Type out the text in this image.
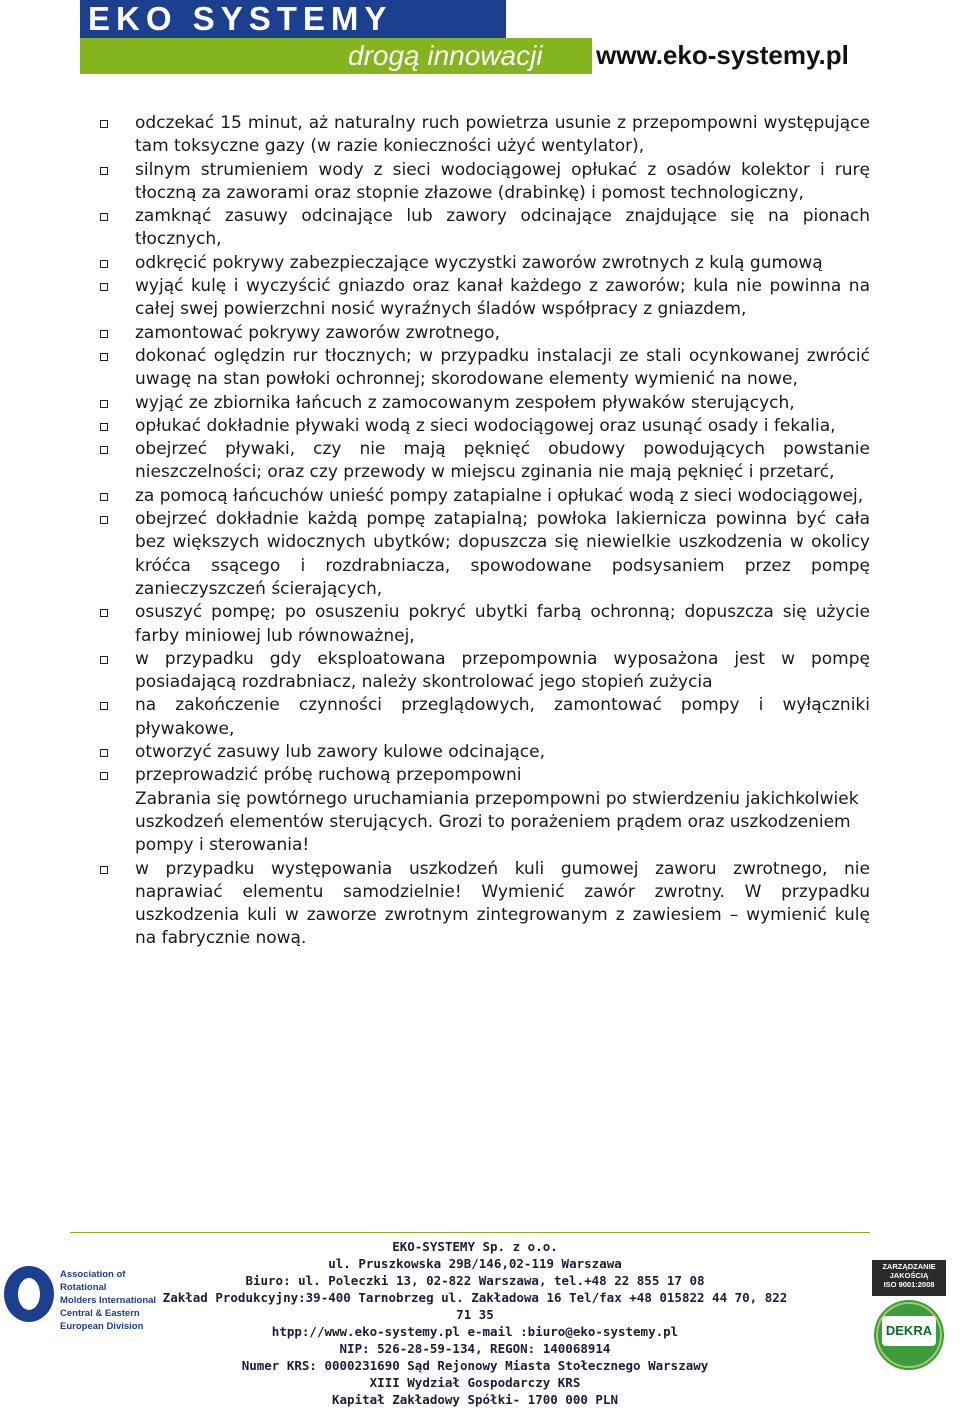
EKO SYSTEMY
drogą innowacji	www.eko-systemy.pl
odczekać 15 minut, aż naturalny ruch powietrza usunie z przepompowni występujące tam toksyczne gazy (w razie konieczności użyć wentylator),
silnym strumieniem wody z sieci wodociągowej opłukać z osadów kolektor i rurę tłoczną za zaworami oraz stopnie złazowe (drabinkę) i pomost technologiczny,
zamknąć zasuwy odcinające lub zawory odcinające znajdujące się na pionach tłocznych,
odkręcić pokrywy zabezpieczające wyczystki zaworów zwrotnych z kulą gumową
wyjąć kulę i wyczyścić gniazdo oraz kanał każdego z zaworów; kula nie powinna na całej swej powierzchni nosić wyraźnych śladów współpracy z gniazdem,
zamontować pokrywy zaworów zwrotnego,
dokonać oględzin rur tłocznych; w przypadku instalacji ze stali ocynkowanej zwrócić uwagę na stan powłoki ochronnej; skorodowane elementy wymienić na nowe,
wyjąć ze zbiornika łańcuch z zamocowanym zespołem pływaków sterujących,
opłukać dokładnie pływaki wodą z sieci wodociągowej oraz usunąć osady i fekalia,
obejrzeć pływaki, czy nie mają pęknięć obudowy powodujących powstanie nieszczelności; oraz czy przewody w miejscu zginania nie mają pęknięć i przetarć,
za pomocą łańcuchów unieść pompy zatapialne i opłukać wodą z sieci wodociągowej,
obejrzeć dokładnie każdą pompę zatapialną; powłoka lakiernicza powinna być cała bez większych widocznych ubytków; dopuszcza się niewielkie uszkodzenia w okolicy króćca ssącego i rozdrabniacza, spowodowane podsysaniem przez pompę zanieczyszczeń ścierających,
osuszyć pompę; po osuszeniu pokryć ubytki farbą ochronną; dopuszcza się użycie farby miniowej lub równoważnej,
w przypadku gdy eksploatowana przepompownia wyposażona jest w pompę posiadającą rozdrabniacz, należy skontrolować jego stopień zużycia
na zakończenie czynności przeglądowych, zamontować pompy i wyłączniki pływakowe,
otworzyć zasuwy lub zawory kulowe odcinające,
przeprowadzić próbę ruchową przepompowni
Zabrania się powtórnego uruchamiania przepompowni po stwierdzeniu jakichkolwiek uszkodzeń elementów sterujących. Grozi to porażeniem prądem oraz uszkodzeniem pompy i sterowania!
w przypadku występowania uszkodzeń kuli gumowej zaworu zwrotnego, nie naprawiać elementu samodzielnie! Wymienić zawór zwrotny. W przypadku uszkodzenia kuli w zaworze zwrotnym zintegrowanym z zawiesiem – wymienić kulę na fabrycznie nową.
Association of Rotational
Molders International
Central & Eastern
European Division
EKO-SYSTEMY Sp. z o.o.
ul. Pruszkowska 29B/146,02-119 Warszawa
Biuro: ul. Poleczki 13, 02-822 Warszawa, tel.+48 22 855 17 08
Zakład Produkcyjny:39-400 Tarnobrzeg ul. Zakładowa 16 Tel/fax +48 015822 44 70, 822 71 35
htpp://www.eko-systemy.pl e-mail :biuro@eko-systemy.pl
NIP: 526-28-59-134, REGON: 140068914
Numer KRS: 0000231690 Sąd Rejonowy Miasta Stołecznego Warszawy
XIII Wydział Gospodarczy KRS
Kapitał Zakładowy Spółki- 1700 000 PLN
ZARZĄDZANIE
JAKOŚCIĄ
ISO 9001:2008
DEKRA
